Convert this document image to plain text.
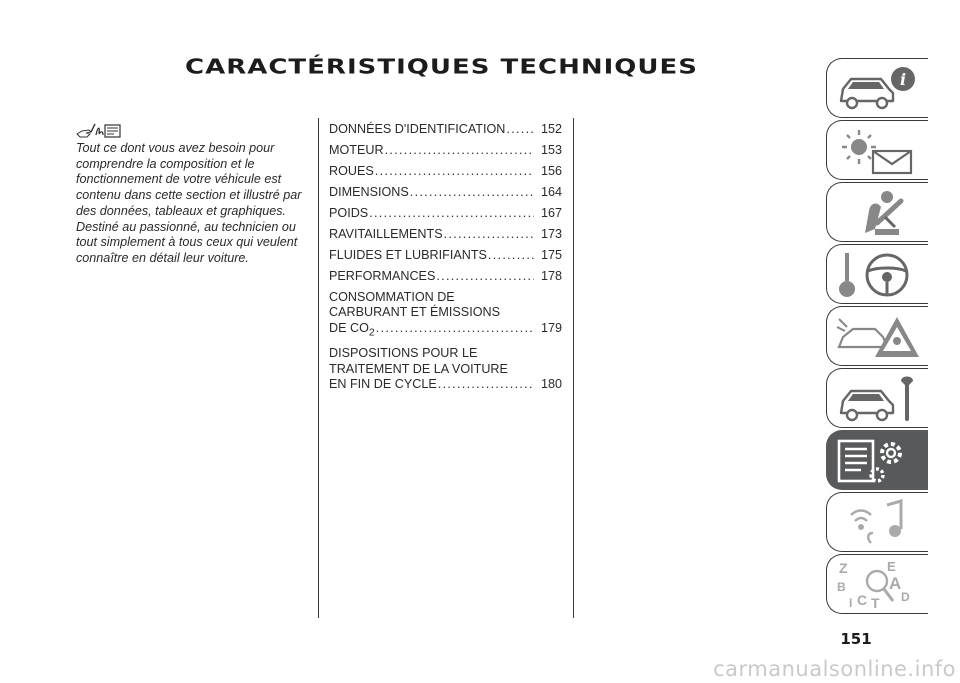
CARACTÉRISTIQUES TECHNIQUES
Tout ce dont vous avez besoin pour comprendre la composition et le fonctionnement de votre véhicule est contenu dans cette section et illustré par des données, tableaux et graphiques. Destiné au passionné, au technicien ou tout simplement à tous ceux qui veulent connaître en détail leur voiture.
DONNÉES D'IDENTIFICATION .....	152
MOTEUR .....	153
ROUES .....	156
DIMENSIONS .....	164
POIDS .....	167
RAVITAILLEMENTS .....	173
FLUIDES ET LUBRIFIANTS .....	175
PERFORMANCES .....	178
CONSOMMATION DE
CARBURANT ET ÉMISSIONS
DE $CO_2$ .....	179
DISPOSITIONS POUR LE
TRAITEMENT DE LA VOITURE
EN FIN DE CYCLE .....	180
i
Z	E
B	A
C	D
T
I
151
carmanualsonline.info
